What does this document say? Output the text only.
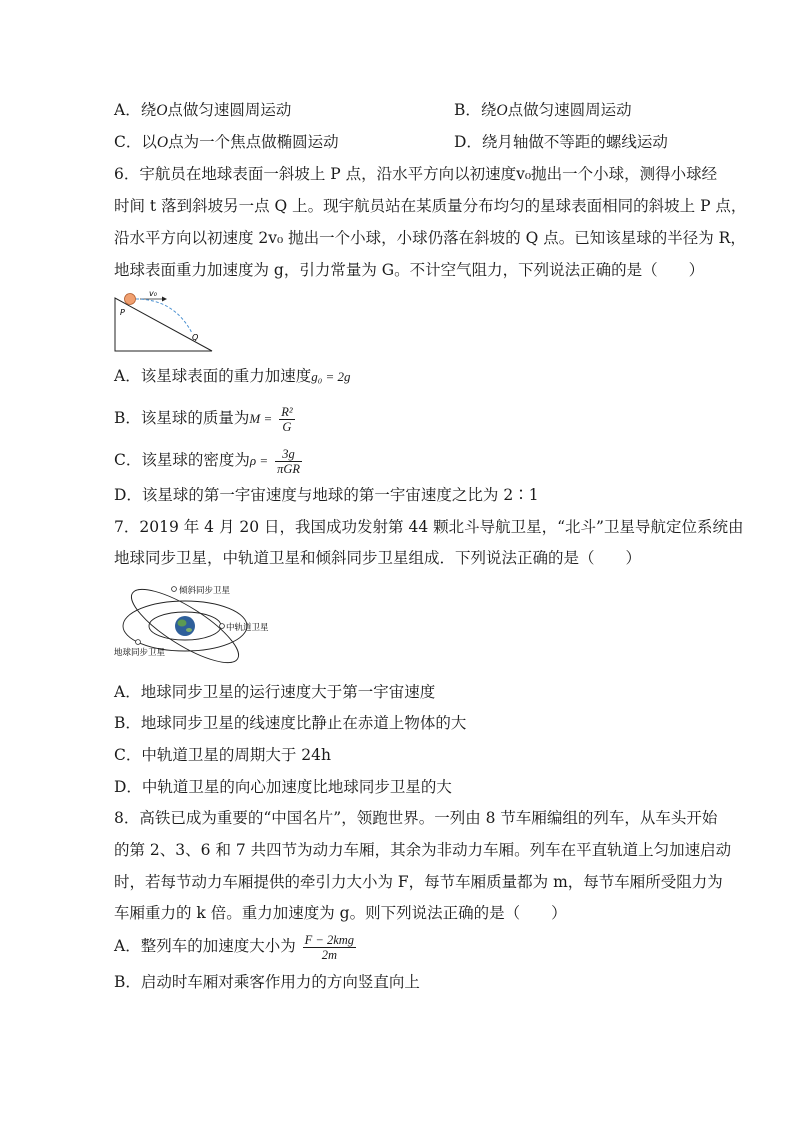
A．绕O点做匀速圆周运动	B．绕O点做匀速圆周运动
C．以O点为一个焦点做椭圆运动	D．绕月轴做不等距的螺线运动
6．宇航员在地球表面一斜坡上 P 点，沿水平方向以初速度v₀抛出一个小球，测得小球经
时间 t 落到斜坡另一点 Q 上。现宇航员站在某质量分布均匀的星球表面相同的斜坡上 P 点，
沿水平方向以初速度 2v₀ 抛出一个小球，小球仍落在斜坡的 Q 点。已知该星球的半径为 R，
地球表面重力加速度为 g，引力常量为 G。不计空气阻力，下列说法正确的是（　　）
v₀
P
Q
A．该星球表面的重力加速度g₀ = 2g
B．该星球的质量为$M = \frac{\text{R²}}{G}$
C．该星球的密度为$\rho = \frac{3g}{\text{πGR}}$
D．该星球的第一宇宙速度与地球的第一宇宙速度之比为 2∶1
7．2019 年 4 月 20 日，我国成功发射第 44 颗北斗导航卫星，“北斗”卫星导航定位系统由
地球同步卫星，中轨道卫星和倾斜同步卫星组成．下列说法正确的是（　　）
倾斜同步卫星
中轨道卫星
地球同步卫星
A．地球同步卫星的运行速度大于第一宇宙速度
B．地球同步卫星的线速度比静止在赤道上物体的大
C．中轨道卫星的周期大于 24h
D．中轨道卫星的向心加速度比地球同步卫星的大
8．高铁已成为重要的“中国名片”，领跑世界。一列由 8 节车厢编组的列车，从车头开始
的第 2、3、6 和 7 共四节为动力车厢，其余为非动力车厢。列车在平直轨道上匀加速启动
时，若每节动力车厢提供的牵引力大小为 F，每节车厢质量都为 m，每节车厢所受阻力为
车厢重力的 k 倍。重力加速度为 g。则下列说法正确的是（　　）
A．整列车的加速度大小为 $\frac{\text{F − 2kmg}}{2m}$
B．启动时车厢对乘客作用力的方向竖直向上
